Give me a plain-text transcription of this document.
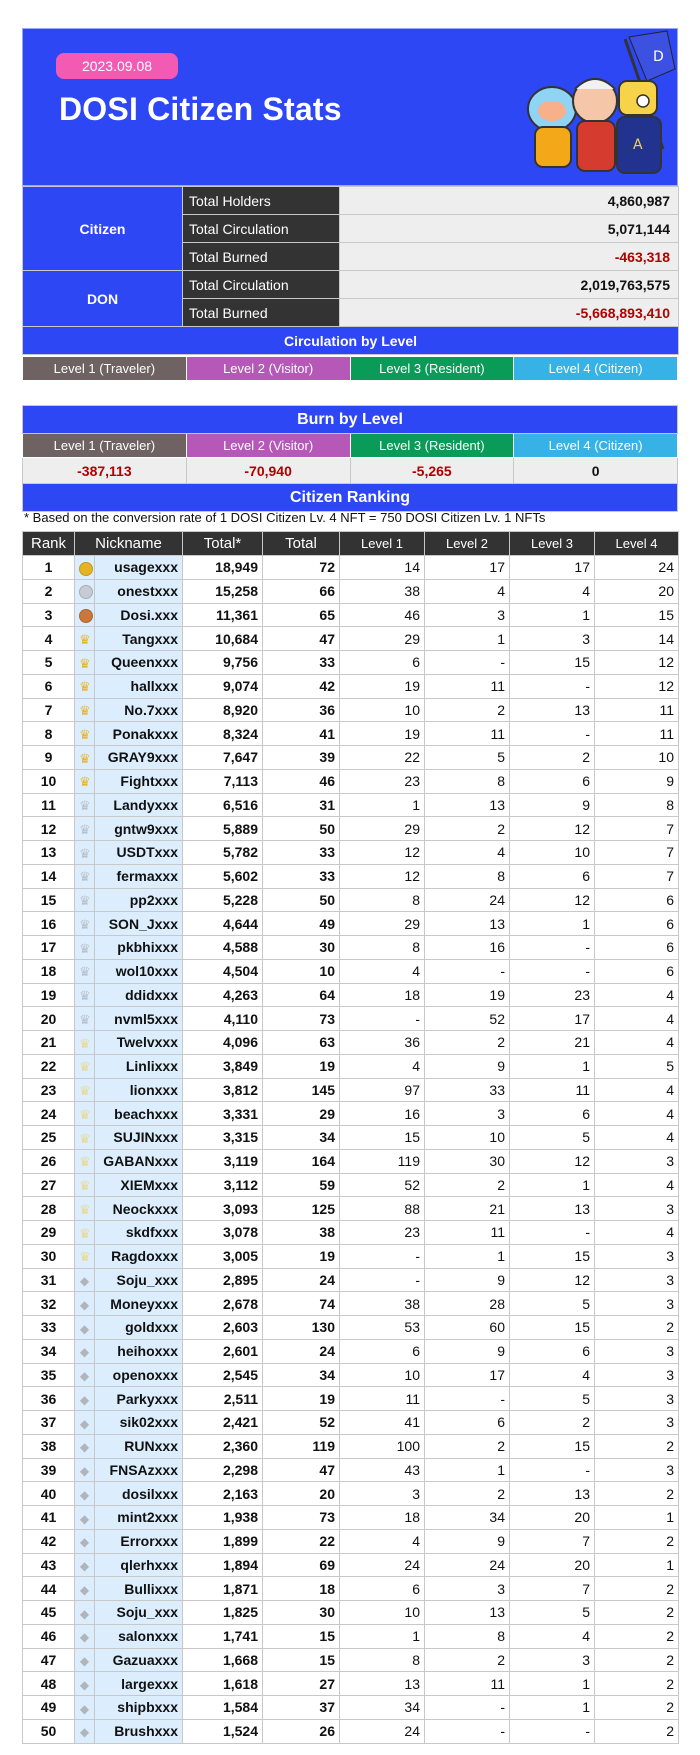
2023.09.08
DOSI Citizen Stats
D
A
Citizen	Total Holders	4,860,987
	Total Circulation	5,071,144
	Total Burned	-463,318
DON	Total Circulation	2,019,763,575
	Total Burned	-5,668,893,410
Circulation by Level		
Level 1 (Traveler)	Level 2 (Visitor)	Level 3 (Resident)	Level 4 (Citizen)
Burn by Level			
Level 1 (Traveler)	Level 2 (Visitor)	Level 3 (Resident)	Level 4 (Citizen)
-387,113	-70,940	-5,265	0
Citizen Ranking			
* Based on the conversion rate of 1 DOSI Citizen Lv. 4 NFT = 750 DOSI Citizen Lv. 1 NFTs
Rank	Nickname		Total*	Total	Level 1	Level 2	Level 3	Level 4
1		usagexxx	18,949	72	14	17	17	24
2		onestxxx	15,258	66	38	4	4	20
3		Dosi.xxx	11,361	65	46	3	1	15
4	♛	Tangxxx	10,684	47	29	1	3	14
5	♛	Queenxxx	9,756	33	6	-	15	12
6	♛	hallxxx	9,074	42	19	11	-	12
7	♛	No.7xxx	8,920	36	10	2	13	11
8	♛	Ponakxxx	8,324	41	19	11	-	11
9	♛	GRAY9xxx	7,647	39	22	5	2	10
10	♛	Fightxxx	7,113	46	23	8	6	9
11	♛	Landyxxx	6,516	31	1	13	9	8
12	♛	gntw9xxx	5,889	50	29	2	12	7
13	♛	USDTxxx	5,782	33	12	4	10	7
14	♛	fermaxxx	5,602	33	12	8	6	7
15	♛	pp2xxx	5,228	50	8	24	12	6
16	♛	SON_Jxxx	4,644	49	29	13	1	6
17	♛	pkbhixxx	4,588	30	8	16	-	6
18	♛	wol10xxx	4,504	10	4	-	-	6
19	♛	ddidxxx	4,263	64	18	19	23	4
20	♛	nvml5xxx	4,110	73	-	52	17	4
21	♛	Twelvxxx	4,096	63	36	2	21	4
22	♛	Linlixxx	3,849	19	4	9	1	5
23	♛	lionxxx	3,812	145	97	33	11	4
24	♛	beachxxx	3,331	29	16	3	6	4
25	♛	SUJINxxx	3,315	34	15	10	5	4
26	♛	GABANxxx	3,119	164	119	30	12	3
27	♛	XIEMxxx	3,112	59	52	2	1	4
28	♛	Neockxxx	3,093	125	88	21	13	3
29	♛	skdfxxx	3,078	38	23	11	-	4
30	♛	Ragdoxxx	3,005	19	-	1	15	3
31	◆	Soju_xxx	2,895	24	-	9	12	3
32	◆	Moneyxxx	2,678	74	38	28	5	3
33	◆	goldxxx	2,603	130	53	60	15	2
34	◆	heihoxxx	2,601	24	6	9	6	3
35	◆	openoxxx	2,545	34	10	17	4	3
36	◆	Parkyxxx	2,511	19	11	-	5	3
37	◆	sik02xxx	2,421	52	41	6	2	3
38	◆	RUNxxx	2,360	119	100	2	15	2
39	◆	FNSAzxxx	2,298	47	43	1	-	3
40	◆	dosilxxx	2,163	20	3	2	13	2
41	◆	mint2xxx	1,938	73	18	34	20	1
42	◆	Errorxxx	1,899	22	4	9	7	2
43	◆	qlerhxxx	1,894	69	24	24	20	1
44	◆	Bullixxx	1,871	18	6	3	7	2
45	◆	Soju_xxx	1,825	30	10	13	5	2
46	◆	salonxxx	1,741	15	1	8	4	2
47	◆	Gazuaxxx	1,668	15	8	2	3	2
48	◆	largexxx	1,618	27	13	11	1	2
49	◆	shipbxxx	1,584	37	34	-	1	2
50	◆	Brushxxx	1,524	26	24	-	-	2
